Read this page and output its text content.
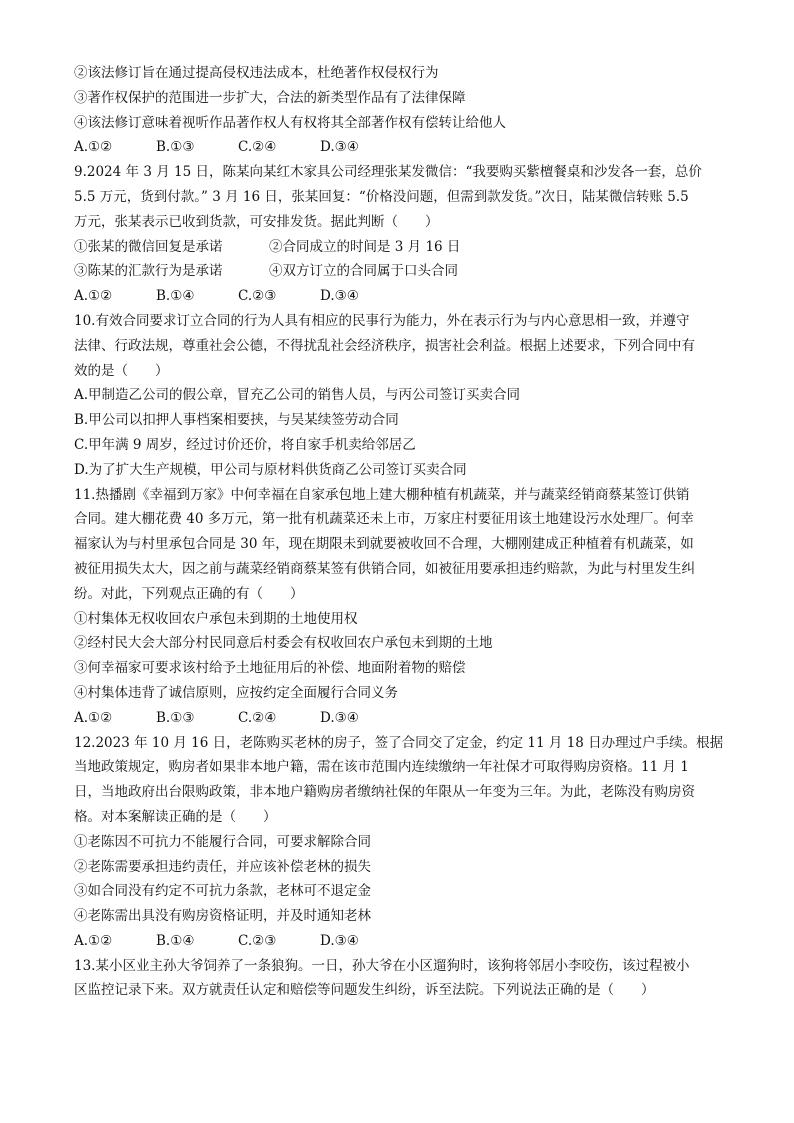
②该法修订旨在通过提高侵权违法成本，杜绝著作权侵权行为
③著作权保护的范围进一步扩大，合法的新类型作品有了法律保障
④该法修订意味着视听作品著作权人有权将其全部著作权有偿转让给他人
A.①②	B.①③	C.②④	D.③④
9.2024 年 3 月 15 日，陈某向某红木家具公司经理张某发微信：“我要购买紫檀餐桌和沙发各一套，总价
5.5 万元，货到付款。” 3 月 16 日，张某回复：“价格没问题，但需到款发货。”次日，陆某微信转账 5.5
万元，张某表示已收到货款，可安排发货。据此判断（　　）
①张某的微信回复是承诺	②合同成立的时间是 3 月 16 日
③陈某的汇款行为是承诺	④双方订立的合同属于口头合同
A.①②	B.①④	C.②③	D.③④
10.有效合同要求订立合同的行为人具有相应的民事行为能力，外在表示行为与内心意思相一致，并遵守
法律、行政法规，尊重社会公德，不得扰乱社会经济秩序，损害社会利益。根据上述要求，下列合同中有
效的是（　　）
A.甲制造乙公司的假公章，冒充乙公司的销售人员，与丙公司签订买卖合同
B.甲公司以扣押人事档案相要挟，与吴某续签劳动合同
C.甲年满 9 周岁，经过讨价还价，将自家手机卖给邻居乙
D.为了扩大生产规模，甲公司与原材料供货商乙公司签订买卖合同
11.热播剧《幸福到万家》中何幸福在自家承包地上建大棚种植有机蔬菜，并与蔬菜经销商蔡某签订供销
合同。建大棚花费 40 多万元，第一批有机蔬菜还未上市，万家庄村要征用该土地建设污水处理厂。何幸
福家认为与村里承包合同是 30 年，现在期限未到就要被收回不合理，大棚刚建成正种植着有机蔬菜，如
被征用损失太大，因之前与蔬菜经销商蔡某签有供销合同，如被征用要承担违约赔款，为此与村里发生纠
纷。对此，下列观点正确的有（　　）
①村集体无权收回农户承包未到期的土地使用权
②经村民大会大部分村民同意后村委会有权收回农户承包未到期的土地
③何幸福家可要求该村给予土地征用后的补偿、地面附着物的赔偿
④村集体违背了诚信原则，应按约定全面履行合同义务
A.①②	B.①③	C.②④	D.③④
12.2023 年 10 月 16 日，老陈购买老林的房子，签了合同交了定金，约定 11 月 18 日办理过户手续。根据
当地政策规定，购房者如果非本地户籍，需在该市范围内连续缴纳一年社保才可取得购房资格。11 月 1
日，当地政府出台限购政策，非本地户籍购房者缴纳社保的年限从一年变为三年。为此，老陈没有购房资
格。对本案解读正确的是（　　）
①老陈因不可抗力不能履行合同，可要求解除合同
②老陈需要承担违约责任，并应该补偿老林的损失
③如合同没有约定不可抗力条款，老林可不退定金
④老陈需出具没有购房资格证明，并及时通知老林
A.①②	B.①④	C.②③	D.③④
13.某小区业主孙大爷饲养了一条狼狗。一日，孙大爷在小区遛狗时，该狗将邻居小李咬伤，该过程被小
区监控记录下来。双方就责任认定和赔偿等问题发生纠纷，诉至法院。下列说法正确的是（　　）
